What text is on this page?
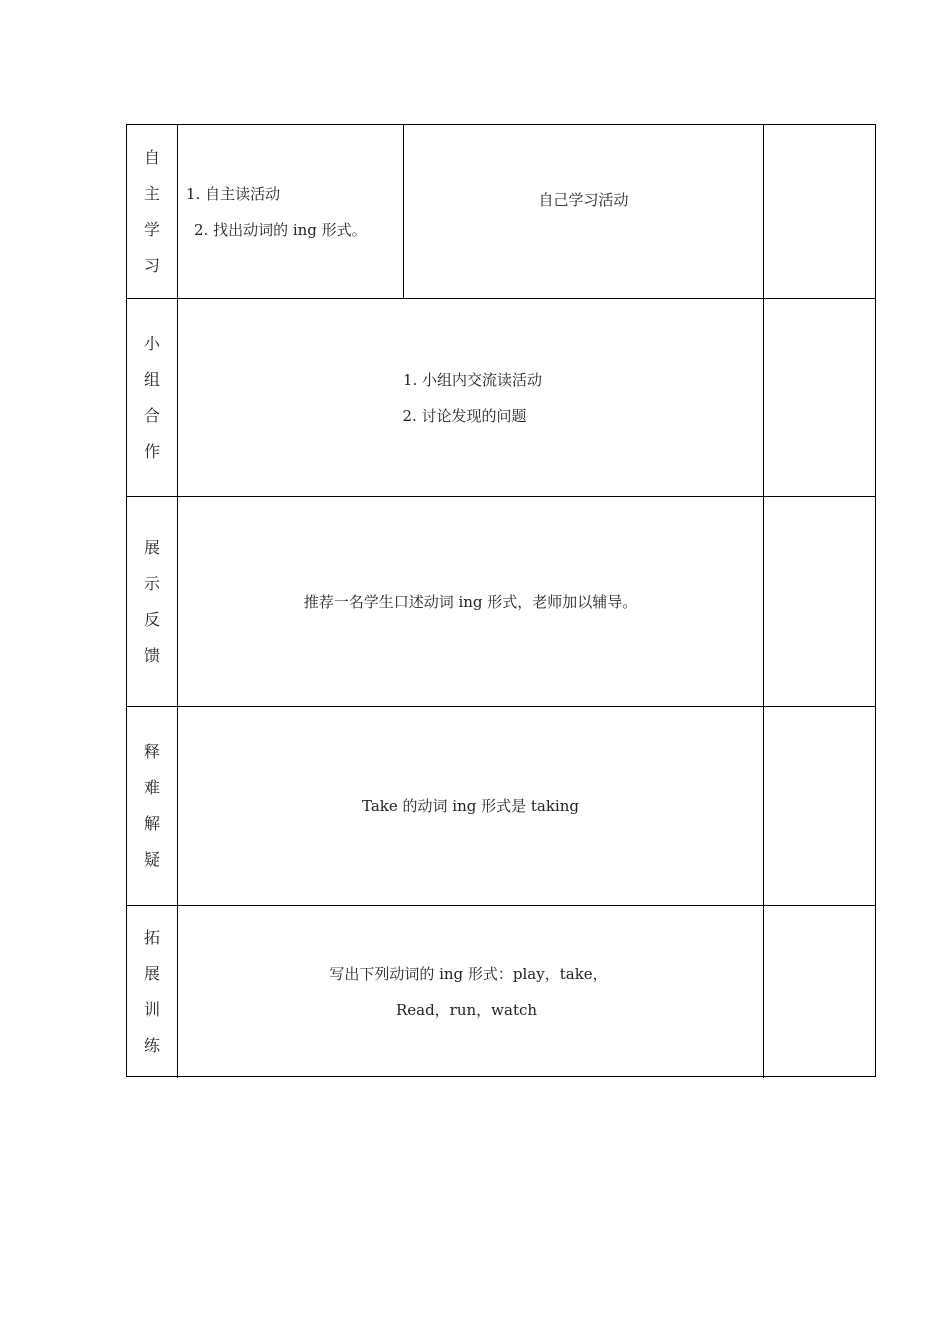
自
主
学
习
1. 自主读活动
2. 找出动词的 ing 形式。
自己学习活动
小
组
合
作
1. 小组内交流读活动
2. 讨论发现的问题
展
示
反
馈
推荐一名学生口述动词 ing 形式，老师加以辅导。
释
难
解
疑
Take 的动词 ing 形式是 taking
拓
展
训
练
写出下列动词的 ing 形式：play，take，
Read，run，watch
